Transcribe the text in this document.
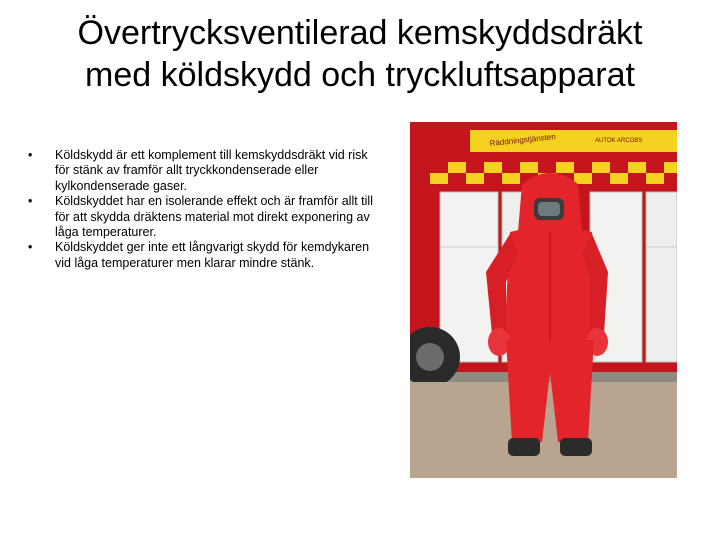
Övertrycksventilerad kemskyddsdräkt
med köldskydd och tryckluftsapparat
•	Köldskydd är ett komplement till kemskyddsdräkt vid risk för stänk av framför allt tryckkondenserade eller kylkondenserade gaser.
•	Köldskyddet har en isolerande effekt och är framför allt till för att skydda dräktens material mot direkt exponering av låga temperaturer.
•	Köldskyddet ger inte ett långvarigt skydd för kemdykaren vid låga temperaturer men klarar mindre stänk.
Räddningstjänsten	AUTOK ARCOBS
